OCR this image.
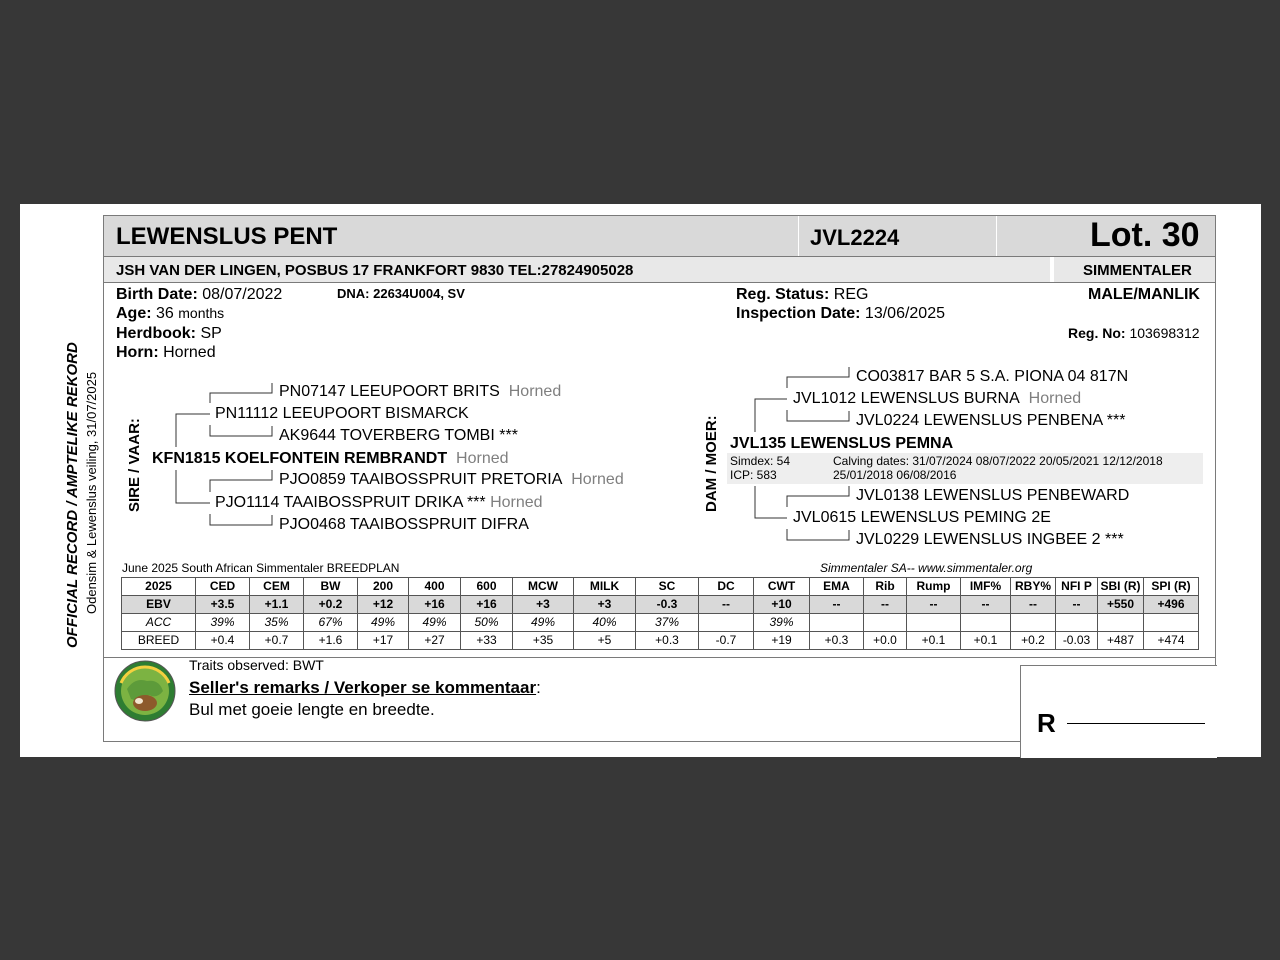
LEWENSLUS PENT	JVL2224	Lot. 30
JSH VAN DER LINGEN, POSBUS 17 FRANKFORT 9830 TEL:27824905028	SIMMENTALER
Birth Date: 08/07/2022	DNA: 22634U004, SV
Age: 36 months
Herdbook: SP
Horn: Horned
Reg. Status: REG
Inspection Date: 13/06/2025
MALE/MANLIK
Reg. No: 103698312
OFFICIAL RECORD / AMPTELIKE REKORD Odensim & Lewenslus veiling, 31/07/2025 SIRE / VAAR:	DAM / MOER:
PN07147 LEEUPOORT BRITS Horned
PN11112 LEEUPOORT BISMARCK
AK9644 TOVERBERG TOMBI ***
KFN1815 KOELFONTEIN REMBRANDT Horned
PJO0859 TAAIBOSSPRUIT PRETORIA Horned
PJO1114 TAAIBOSSPRUIT DRIKA *** Horned
PJO0468 TAAIBOSSPRUIT DIFRA
CO03817 BAR 5 S.A. PIONA 04 817N
JVL1012 LEWENSLUS BURNA Horned
JVL0224 LEWENSLUS PENBENA ***
JVL135 LEWENSLUS PEMNA
Simdex: 54
ICP: 583
Calving dates: 31/07/2024 08/07/2022 20/05/2021 12/12/2018
25/01/2018 06/08/2016
JVL0138 LEWENSLUS PENBEWARD
JVL0615 LEWENSLUS PEMING 2E
JVL0229 LEWENSLUS INGBEE 2 ***
June 2025 South African Simmentaler BREEDPLAN	Simmentaler SA-- www.simmentaler.org
2025	CED	CEM	BW	200	400	600	MCW	MILK	SC	DC	CWT	EMA	Rib	Rump	IMF%	RBY%	NFI P	SBI (R)	SPI (R)
EBV	+3.5	+1.1	+0.2	+12	+16	+16	+3	+3	-0.3	--	+10	--	--	--	--	--	--	+550	+496
ACC	39%	35%	67%	49%	49%	50%	49%	40%	37%		39%								
BREED	+0.4	+0.7	+1.6	+17	+27	+33	+35	+5	+0.3	-0.7	+19	+0.3	+0.0	+0.1	+0.1	+0.2	-0.03	+487	+474
Traits observed: BWT
Seller's remarks / Verkoper se kommentaar:
Bul met goeie lengte en breedte.	R
